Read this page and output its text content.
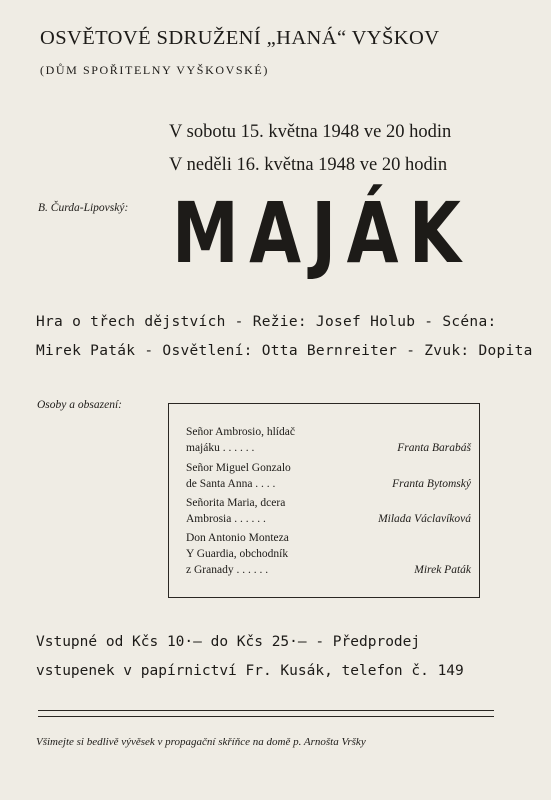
OSVĚTOVÉ SDRUŽENÍ „HANÁ“ VYŠKOV
(DŮM SPOŘITELNY VYŠKOVSKÉ)
V sobotu 15. května 1948 ve 20 hodin
V neděli 16. května 1948 ve 20 hodin
B. Čurda-Lipovský: MAJÁK
Hra o třech dějstvích - Režie: Josef Holub - Scéna:
Mirek Paták - Osvětlení: Otta Bernreiter - Zvuk: Dopita
Osoby a obsazení:
Señor Ambrosio, hlídač
majáku . . . . . .	Franta Barabáš
Señor Miguel Gonzalo
de Santa Anna . . . .	Franta Bytomský
Señorita Maria, dcera
Ambrosia . . . . . .	Milada Václavíková
Don Antonio Monteza
Y Guardia, obchodník
z Granady . . . . . .	Mirek Paták
Vstupné od Kčs 10·— do Kčs 25·— - Předprodej
vstupenek v papírnictví Fr. Kusák, telefon č. 149
Všimejte si bedlivě vývěsek v propagační skříňce na domě p. Arnošta Vršky
